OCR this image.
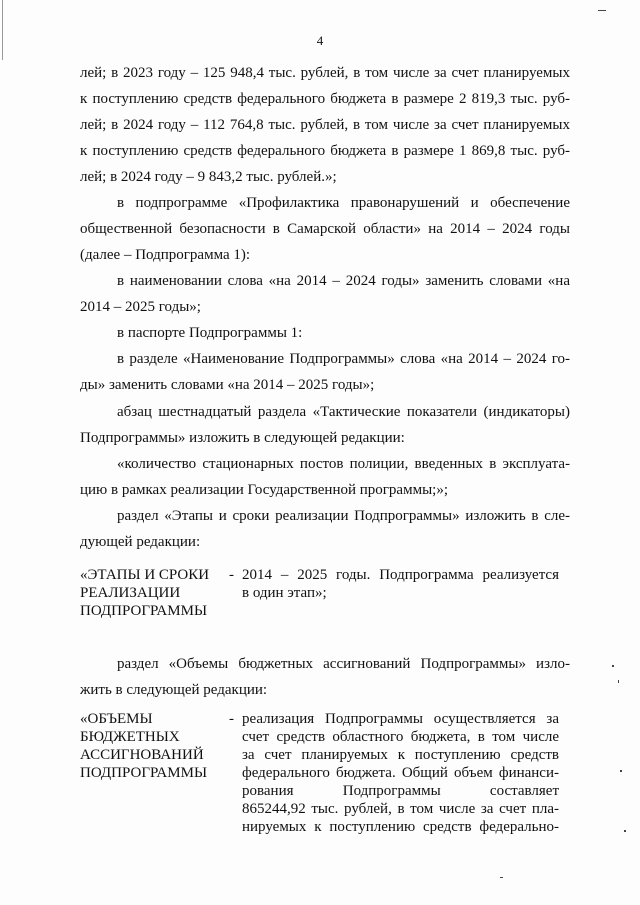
4
лей; в 2023 году – 125 948,4 тыс. рублей, в том числе за счет планируемых
к поступлению средств федерального бюджета в размере 2 819,3 тыс. руб-
лей; в 2024 году – 112 764,8 тыс. рублей, в том числе за счет планируемых
к поступлению средств федерального бюджета в размере 1 869,8 тыс. руб-
лей; в 2024 году – 9 843,2 тыс. рублей.»;
в подпрограмме «Профилактика правонарушений и обеспечение
общественной безопасности в Самарской области» на 2014 – 2024 годы
(далее – Подпрограмма 1):
в наименовании слова «на 2014 – 2024 годы» заменить словами «на
2014 – 2025 годы»;
в паспорте Подпрограммы 1:
в разделе «Наименование Подпрограммы» слова «на 2014 – 2024 го-
ды» заменить словами «на 2014 – 2025 годы»;
абзац шестнадцатый раздела «Тактические показатели (индикаторы)
Подпрограммы» изложить в следующей редакции:
«количество стационарных постов полиции, введенных в эксплуата-
цию в рамках реализации Государственной программы;»;
раздел «Этапы и сроки реализации Подпрограммы» изложить в сле-
дующей редакции:
«ЭТАПЫ И СРОКИ
РЕАЛИЗАЦИИ
ПОДПРОГРАММЫ
- 2014 – 2025 годы. Подпрограмма реализуется
в один этап»;
раздел «Объемы бюджетных ассигнований Подпрограммы» изло-
жить в следующей редакции:
«ОБЪЕМЫ
БЮДЖЕТНЫХ
АССИГНОВАНИЙ
ПОДПРОГРАММЫ
- реализация Подпрограммы осуществляется за
счет средств областного бюджета, в том числе
за счет планируемых к поступлению средств
федерального бюджета. Общий объем финанси-
рования Подпрограммы составляет
865244,92 тыс. рублей, в том числе за счет пла-
нируемых к поступлению средств федерально-
